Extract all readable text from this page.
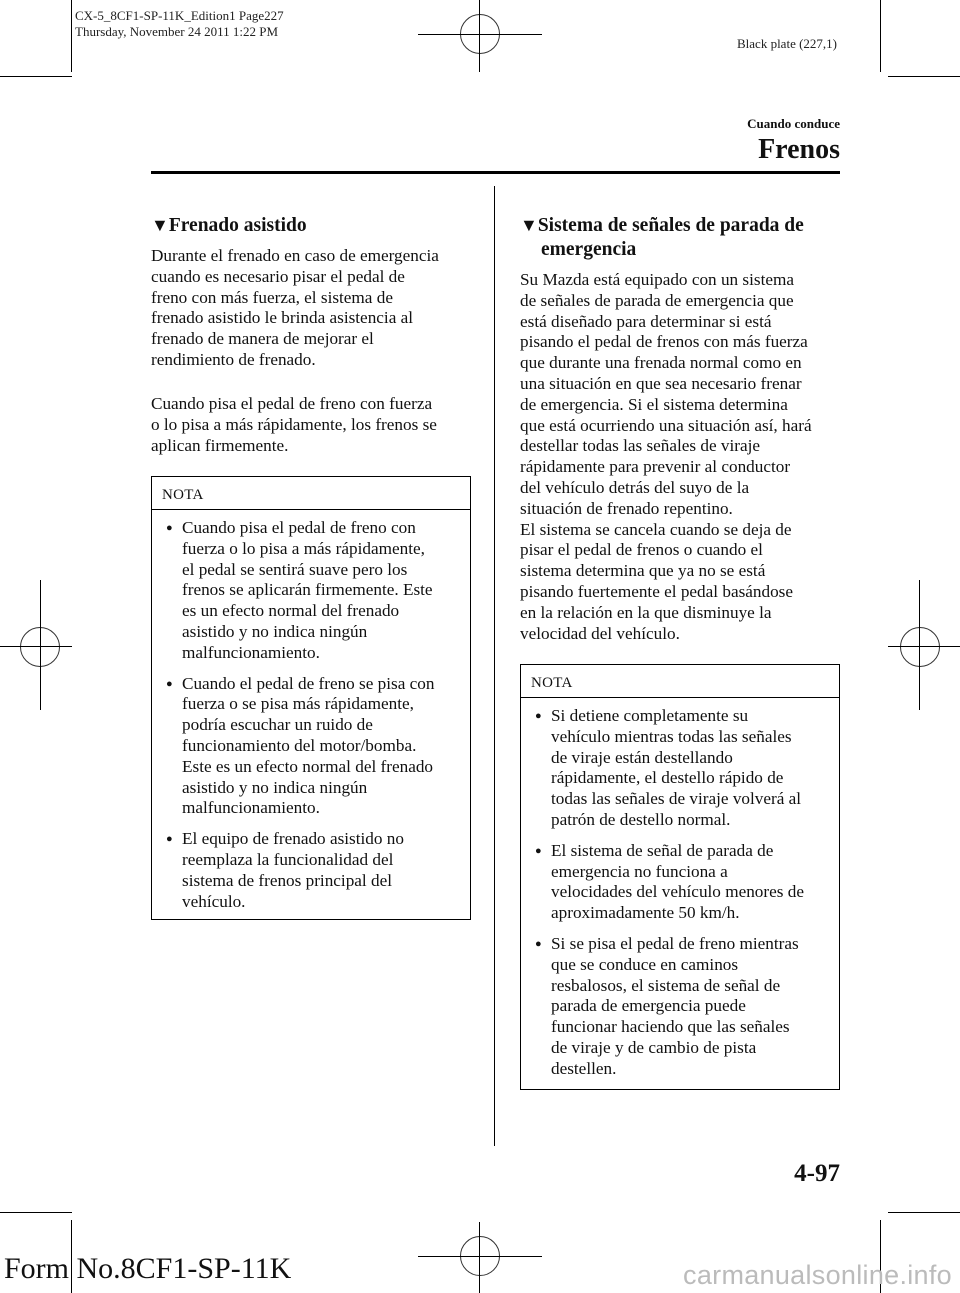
CX-5_8CF1-SP-11K_Edition1 Page227
Thursday, November 24 2011 1:22 PM
Black plate (227,1)
Cuando conduce
Frenos
▼Frenado asistido
Durante el frenado en caso de emergencia
cuando es necesario pisar el pedal de
freno con más fuerza, el sistema de
frenado asistido le brinda asistencia al
frenado de manera de mejorar el
rendimiento de frenado.
Cuando pisa el pedal de freno con fuerza
o lo pisa a más rápidamente, los frenos se
aplican firmemente.
NOTA
● Cuando pisa el pedal de freno con
fuerza o lo pisa a más rápidamente,
el pedal se sentirá suave pero los
frenos se aplicarán firmemente. Este
es un efecto normal del frenado
asistido y no indica ningún
malfuncionamiento.
● Cuando el pedal de freno se pisa con
fuerza o se pisa más rápidamente,
podría escuchar un ruido de
funcionamiento del motor/bomba.
Este es un efecto normal del frenado
asistido y no indica ningún
malfuncionamiento.
● El equipo de frenado asistido no
reemplaza la funcionalidad del
sistema de frenos principal del
vehículo.
▼Sistema de señales de parada de
emergencia
Su Mazda está equipado con un sistema
de señales de parada de emergencia que
está diseñado para determinar si está
pisando el pedal de frenos con más fuerza
que durante una frenada normal como en
una situación en que sea necesario frenar
de emergencia. Si el sistema determina
que está ocurriendo una situación así, hará
destellar todas las señales de viraje
rápidamente para prevenir al conductor
del vehículo detrás del suyo de la
situación de frenado repentino.
El sistema se cancela cuando se deja de
pisar el pedal de frenos o cuando el
sistema determina que ya no se está
pisando fuertemente el pedal basándose
en la relación en la que disminuye la
velocidad del vehículo.
NOTA
● Si detiene completamente su
vehículo mientras todas las señales
de viraje están destellando
rápidamente, el destello rápido de
todas las señales de viraje volverá al
patrón de destello normal.
● El sistema de señal de parada de
emergencia no funciona a
velocidades del vehículo menores de
aproximadamente 50 km/h.
● Si se pisa el pedal de freno mientras
que se conduce en caminos
resbalosos, el sistema de señal de
parada de emergencia puede
funcionar haciendo que las señales
de viraje y de cambio de pista
destellen.
4-97
Form No.8CF1-SP-11K	carmanualsonline.info
